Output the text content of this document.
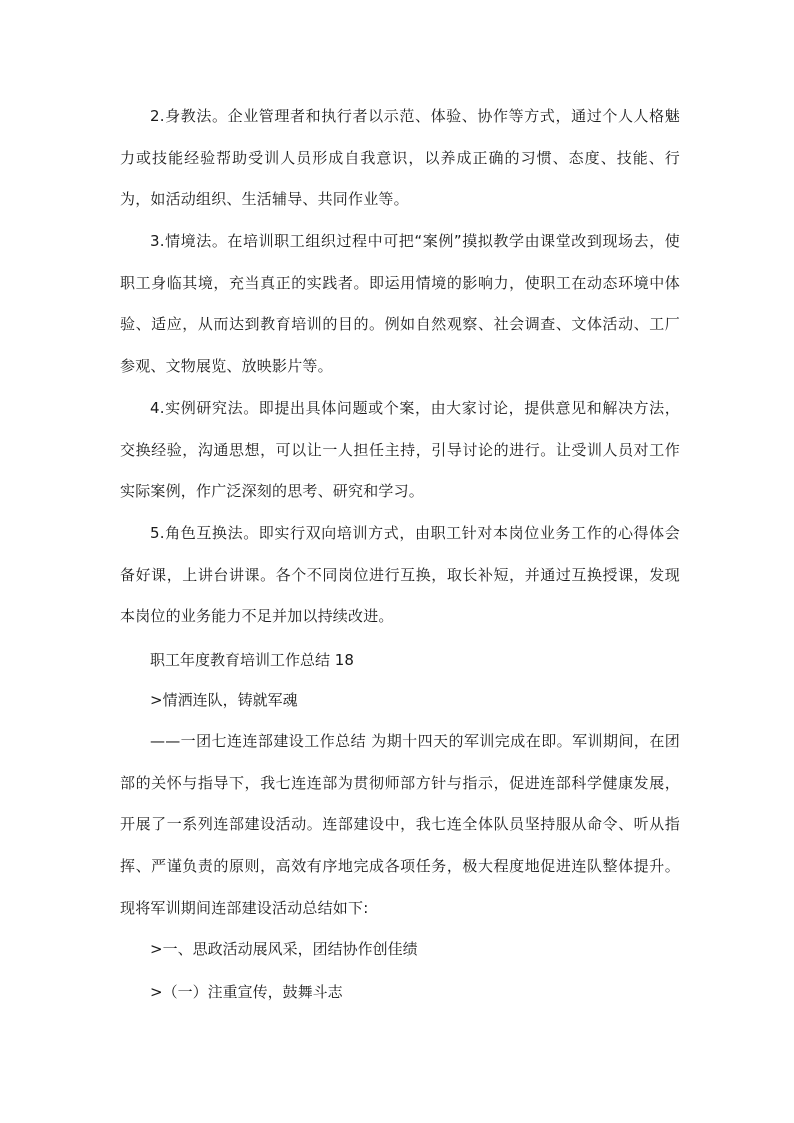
2.身教法。企业管理者和执行者以示范、体验、协作等方式，通过个人人格魅力或技能经验帮助受训人员形成自我意识，以养成正确的习惯、态度、技能、行为，如活动组织、生活辅导、共同作业等。

3.情境法。在培训职工组织过程中可把“案例”摸拟教学由课堂改到现场去，使职工身临其境，充当真正的实践者。即运用情境的影响力，使职工在动态环境中体验、适应，从而达到教育培训的目的。例如自然观察、社会调查、文体活动、工厂参观、文物展览、放映影片等。

4.实例研究法。即提出具体问题或个案，由大家讨论，提供意见和解决方法，交换经验，沟通思想，可以让一人担任主持，引导讨论的进行。让受训人员对工作实际案例，作广泛深刻的思考、研究和学习。

5.角色互换法。即实行双向培训方式，由职工针对本岗位业务工作的心得体会备好课，上讲台讲课。各个不同岗位进行互换，取长补短，并通过互换授课，发现本岗位的业务能力不足并加以持续改进。

职工年度教育培训工作总结 18

>情洒连队，铸就军魂

——一团七连连部建设工作总结 为期十四天的军训完成在即。军训期间，在团部的关怀与指导下，我七连连部为贯彻师部方针与指示，促进连部科学健康发展，开展了一系列连部建设活动。连部建设中，我七连全体队员坚持服从命令、听从指挥、严谨负责的原则，高效有序地完成各项任务，极大程度地促进连队整体提升。现将军训期间连部建设活动总结如下:

>一、思政活动展风采，团结协作创佳绩

>（一）注重宣传，鼓舞斗志
